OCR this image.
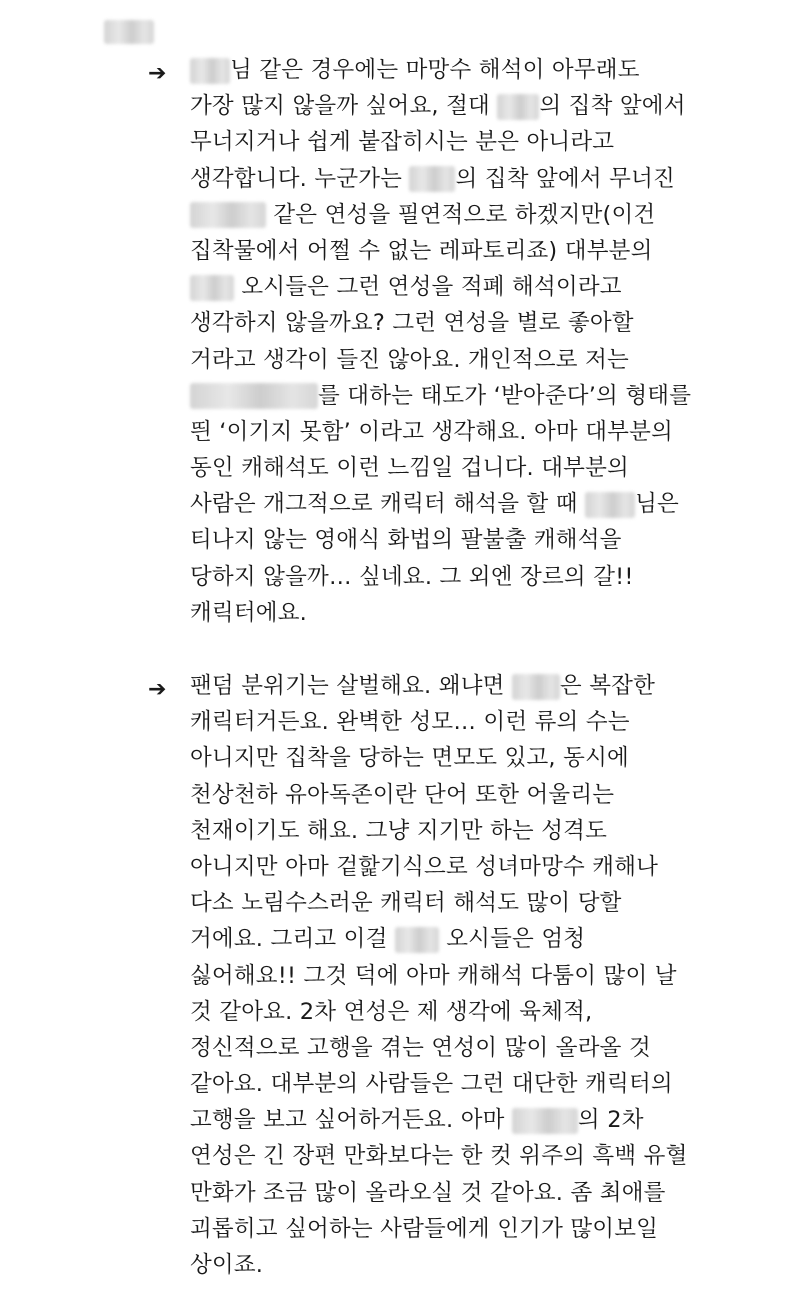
➔	님 같은 경우에는 마망수 해석이 아무래도
가장 많지 않을까 싶어요, 절대 의 집착 앞에서
무너지거나 쉽게 붙잡히시는 분은 아니라고
생각합니다. 누군가는 의 집착 앞에서 무너진
같은 연성을 필연적으로 하겠지만(이건
집착물에서 어쩔 수 없는 레파토리죠) 대부분의
오시들은 그런 연성을 적폐 해석이라고
생각하지 않을까요? 그런 연성을 별로 좋아할
거라고 생각이 들진 않아요. 개인적으로 저는
를 대하는 태도가 ‘받아준다’의 형태를
띈 ‘이기지 못함’ 이라고 생각해요. 아마 대부분의
동인 캐해석도 이런 느낌일 겁니다. 대부분의
사람은 개그적으로 캐릭터 해석을 할 때 님은
티나지 않는 영애식 화법의 팔불출 캐해석을
당하지 않을까… 싶네요. 그 외엔 장르의 갈!!
캐릭터에요.
➔ 팬덤 분위기는 살벌해요. 왜냐면 은 복잡한
캐릭터거든요. 완벽한 성모… 이런 류의 수는
아니지만 집착을 당하는 면모도 있고, 동시에
천상천하 유아독존이란 단어 또한 어울리는
천재이기도 해요. 그냥 지기만 하는 성격도
아니지만 아마 겉핥기식으로 성녀마망수 캐해나
다소 노림수스러운 캐릭터 해석도 많이 당할
거에요. 그리고 이걸  오시들은 엄청
싫어해요!! 그것 덕에 아마 캐해석 다툼이 많이 날
것 같아요. 2차 연성은 제 생각에 육체적,
정신적으로 고행을 겪는 연성이 많이 올라올 것
같아요. 대부분의 사람들은 그런 대단한 캐릭터의
고행을 보고 싶어하거든요. 아마	의 2차
연성은 긴 장편 만화보다는 한 컷 위주의 흑백 유혈
만화가 조금 많이 올라오실 것 같아요. 좀 최애를
괴롭히고 싶어하는 사람들에게 인기가 많이보일
상이죠.
